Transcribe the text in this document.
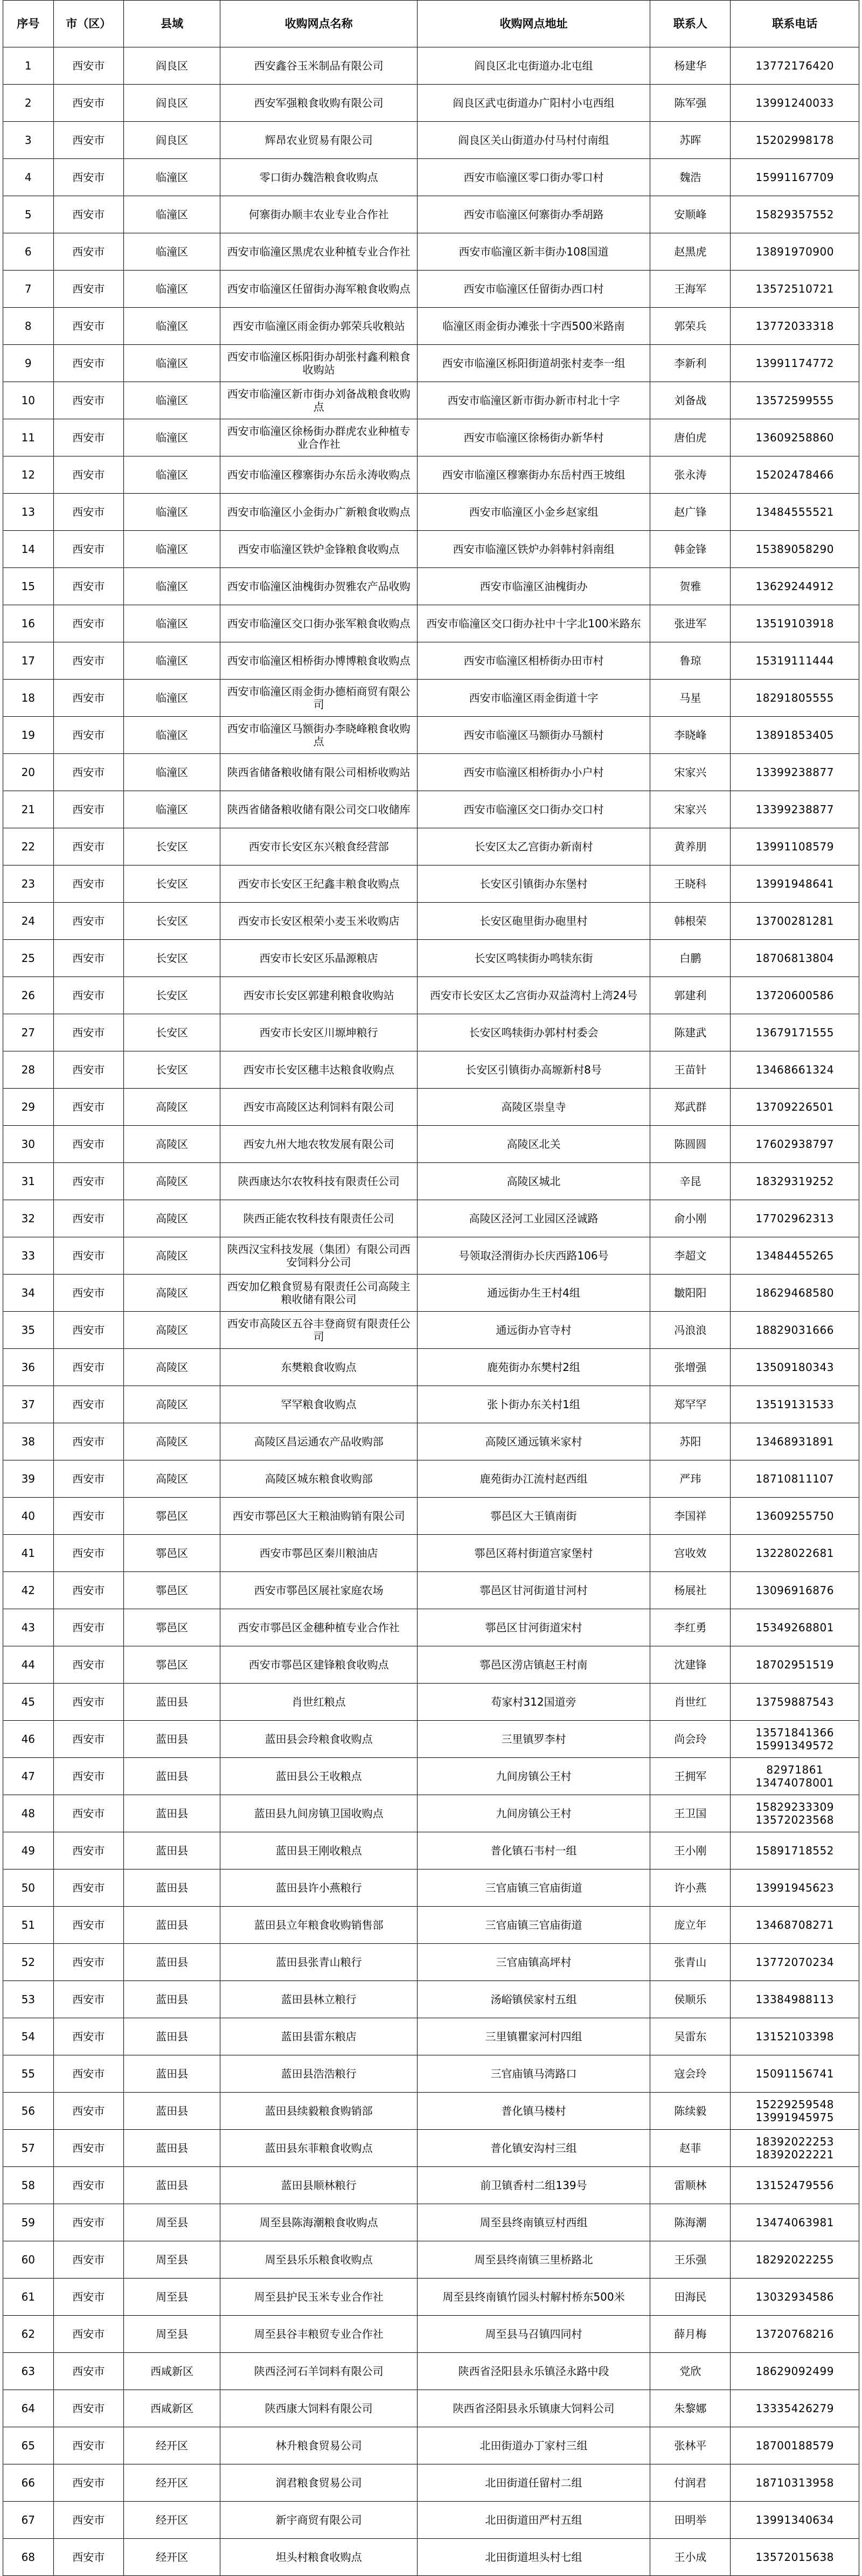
序号	市（区）	县域	收购网点名称	收购网点地址	联系人	联系电话
1	西安市	阎良区	西安鑫谷玉米制品有限公司	阎良区北屯街道办北屯组	杨建华	13772176420
2	西安市	阎良区	西安军强粮食收购有限公司	阎良区武屯街道办广阳村小屯西组	陈军强	13991240033
3	西安市	阎良区	辉昂农业贸易有限公司	阎良区关山街道办付马村付南组	苏晖	15202998178
4	西安市	临潼区	零口街办魏浩粮食收购点	西安市临潼区零口街办零口村	魏浩	15991167709
5	西安市	临潼区	何寨街办顺丰农业专业合作社	西安市临潼区何寨街办季胡路	安顺峰	15829357552
6	西安市	临潼区	西安市临潼区黑虎农业种植专业合作社	西安市临潼区新丰街办108国道	赵黑虎	13891970900
7	西安市	临潼区	西安市临潼区任留街办海军粮食收购点	西安市临潼区任留街办西口村	王海军	13572510721
8	西安市	临潼区	西安市临潼区雨金街办郭荣兵收粮站	临潼区雨金街办滩张十字西500米路南	郭荣兵	13772033318
9	西安市	临潼区	西安市临潼区栎阳街办胡张村鑫利粮食收购站	西安市临潼区栎阳街道胡张村麦李一组	李新利	13991174772
10	西安市	临潼区	西安市临潼区新市街办刘备战粮食收购点	西安市临潼区新市街办新市村北十字	刘备战	13572599555
11	西安市	临潼区	西安市临潼区徐杨街办群虎农业种植专业合作社	西安市临潼区徐杨街办新华村	唐伯虎	13609258860
12	西安市	临潼区	西安市临潼区穆寨街办东岳永涛收购点	西安市临潼区穆寨街办东岳村西王坡组	张永涛	15202478466
13	西安市	临潼区	西安市临潼区小金街办广新粮食收购点	西安市临潼区小金乡赵家组	赵广锋	13484555521
14	西安市	临潼区	西安市临潼区铁炉金锋粮食收购点	西安市临潼区铁炉办斜韩村斜南组	韩金锋	15389058290
15	西安市	临潼区	西安市临潼区油槐街办贺雅农产品收购	西安市临潼区油槐街办	贺雅	13629244912
16	西安市	临潼区	西安市临潼区交口街办张军粮食收购点	西安市临潼区交口街办社中十字北100米路东	张进军	13519103918
17	西安市	临潼区	西安市临潼区相桥街办博博粮食收购点	西安市临潼区相桥街办田市村	鲁琼	15319111444
18	西安市	临潼区	西安市临潼区雨金街办德栢商贸有限公司	西安市临潼区雨金街道十字	马星	18291805555
19	西安市	临潼区	西安市临潼区马额街办李晓峰粮食收购点	西安市临潼区马额街办马额村	李晓峰	13891853405
20	西安市	临潼区	陕西省储备粮收储有限公司相桥收购站	西安市临潼区相桥街办小户村	宋家兴	13399238877
21	西安市	临潼区	陕西省储备粮收储有限公司交口收储库	西安市临潼区交口街办交口村	宋家兴	13399238877
22	西安市	长安区	西安市长安区东兴粮食经营部	长安区太乙宫街办新南村	黄养朋	13991108579
23	西安市	长安区	西安市长安区王纪鑫丰粮食收购点	长安区引镇街办东堡村	王晓科	13991948641
24	西安市	长安区	西安市长安区根荣小麦玉米收购店	长安区砲里街办砲里村	韩根荣	13700281281
25	西安市	长安区	西安市长安区乐晶源粮店	长安区鸣犊街办鸣犊东街	白鹏	18706813804
26	西安市	长安区	西安市长安区郭建利粮食收购站	西安市长安区太乙宫街办双益湾村上湾24号	郭建利	13720600586
27	西安市	长安区	西安市长安区川塬坤粮行	长安区鸣犊街办郭村村委会	陈建武	13679171555
28	西安市	长安区	西安市长安区穗丰达粮食收购点	长安区引镇街办高塬新村8号	王苗针	13468661324
29	西安市	高陵区	西安市高陵区达利饲料有限公司	高陵区崇皇寺	郑武群	13709226501
30	西安市	高陵区	西安九州大地农牧发展有限公司	高陵区北关	陈圆圆	17602938797
31	西安市	高陵区	陕西康达尔农牧科技有限责任公司	高陵区城北	辛昆	18329319252
32	西安市	高陵区	陕西正能农牧科技有限责任公司	高陵区泾河工业园区泾诚路	俞小刚	17702962313
33	西安市	高陵区	陕西汉宝科技发展（集团）有限公司西安饲料分公司	号领取泾渭街办长庆西路106号	李超文	13484455265
34	西安市	高陵区	西安加亿粮食贸易有限责任公司高陵主粮收储有限公司	通远街办生王村4组	皺阳阳	18629468580
35	西安市	高陵区	西安市高陵区五谷丰登商贸有限责任公司	通远街办官寺村	冯浪浪	18829031666
36	西安市	高陵区	东樊粮食收购点	鹿苑街办东樊村2组	张增强	13509180343
37	西安市	高陵区	罕罕粮食收购点	张卜街办东关村1组	郑罕罕	13519131533
38	西安市	高陵区	高陵区昌运通农产品收购部	高陵区通远镇米家村	苏阳	13468931891
39	西安市	高陵区	高陵区城东粮食收购部	鹿苑街办江流村赵西组	严玮	18710811107
40	西安市	鄠邑区	西安市鄠邑区大王粮油购销有限公司	鄠邑区大王镇南街	李国祥	13609255750
41	西安市	鄠邑区	西安市鄠邑区秦川粮油店	鄠邑区蒋村街道宫家堡村	宫收效	13228022681
42	西安市	鄠邑区	西安市鄠邑区展社家庭农场	鄠邑区甘河街道甘河村	杨展社	13096916876
43	西安市	鄠邑区	西安市鄠邑区金穗种植专业合作社	鄠邑区甘河街道宋村	李红勇	15349268801
44	西安市	鄠邑区	西安市鄠邑区建锋粮食收购点	鄠邑区涝店镇赵王村南	沈建锋	18702951519
45	西安市	蓝田县	肖世红粮点	苟家村312国道旁	肖世红	13759887543
46	西安市	蓝田县	蓝田县会玲粮食收购点	三里镇罗李村	尚会玲	13571841366 15991349572
47	西安市	蓝田县	蓝田县公王收粮点	九间房镇公王村	王拥军	82971861 13474078001
48	西安市	蓝田县	蓝田县九间房镇卫国收购点	九间房镇公王村	王卫国	15829233309 13572023568
49	西安市	蓝田县	蓝田县王刚收粮点	普化镇石韦村一组	王小刚	15891718552
50	西安市	蓝田县	蓝田县许小燕粮行	三官庙镇三官庙街道	许小燕	13991945623
51	西安市	蓝田县	蓝田县立年粮食收购销售部	三官庙镇三官庙街道	庞立年	13468708271
52	西安市	蓝田县	蓝田县张青山粮行	三官庙镇高坪村	张青山	13772070234
53	西安市	蓝田县	蓝田县林立粮行	汤峪镇侯家村五组	侯顺乐	13384988113
54	西安市	蓝田县	蓝田县雷东粮店	三里镇瞿家河村四组	吴雷东	13152103398
55	西安市	蓝田县	蓝田县浩浩粮行	三官庙镇马湾路口	寇会玲	15091156741
56	西安市	蓝田县	蓝田县续毅粮食购销部	普化镇马楼村	陈续毅	15229259548 13991945975
57	西安市	蓝田县	蓝田县东菲粮食收购点	普化镇安沟村三组	赵菲	18392022253 18392022221
58	西安市	蓝田县	蓝田县顺林粮行	前卫镇香村二组139号	雷顺林	13152479556
59	西安市	周至县	周至县陈海潮粮食收购点	周至县终南镇豆村西组	陈海潮	13474063981
60	西安市	周至县	周至县乐乐粮食收购点	周至县终南镇三里桥路北	王乐强	18292022255
61	西安市	周至县	周至县护民玉米专业合作社	周至县终南镇竹园头村解村桥东500米	田海民	13032934586
62	西安市	周至县	周至县谷丰粮贸专业合作社	周至县马召镇四同村	薛月梅	13720768216
63	西安市	西咸新区	陕西泾河石羊饲料有限公司	陕西省泾阳县永乐镇泾永路中段	党欣	18629092499
64	西安市	西咸新区	陕西康大饲料有限公司	陕西省泾阳县永乐镇康大饲料公司	朱黎娜	13335426279
65	西安市	经开区	林升粮食贸易公司	北田街道办丁家村三组	张林平	18700188579
66	西安市	经开区	润君粮食贸易公司	北田街道任留村二组	付润君	18710313958
67	西安市	经开区	新宇商贸有限公司	北田街道田严村五组	田明举	13991340634
68	西安市	经开区	坦头村粮食收购点	北田街道坦头村七组	王小成	13572015638
